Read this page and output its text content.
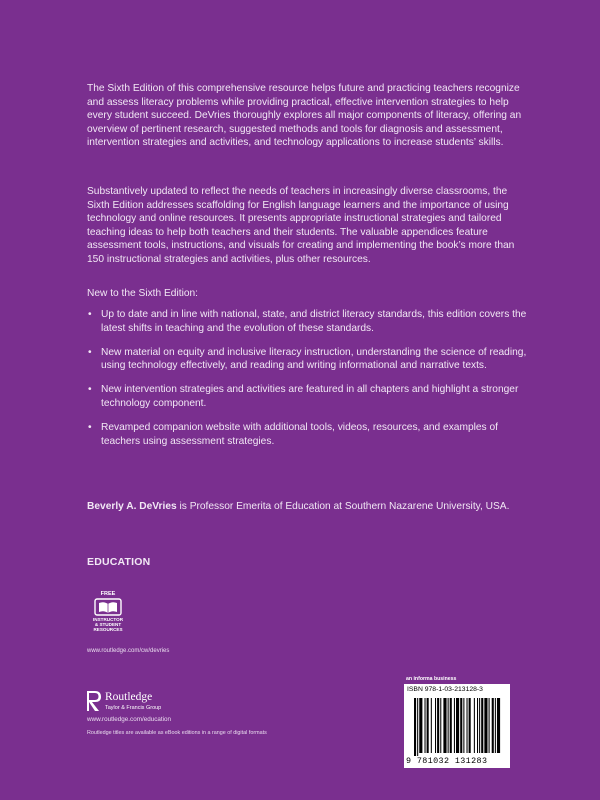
The Sixth Edition of this comprehensive resource helps future and practicing teachers recognize and assess literacy problems while providing practical, effective intervention strategies to help every student succeed. DeVries thoroughly explores all major components of literacy, offering an overview of pertinent research, suggested methods and tools for diagnosis and assessment, intervention strategies and activities, and technology applications to increase students’ skills.

Substantively updated to reflect the needs of teachers in increasingly diverse classrooms, the Sixth Edition addresses scaffolding for English language learners and the importance of using technology and online resources. It presents appropriate instructional strategies and tailored teaching ideas to help both teachers and their students. The valuable appendices feature assessment tools, instructions, and visuals for creating and implementing the book’s more than 150 instructional strategies and activities, plus other resources.

New to the Sixth Edition:

• Up to date and in line with national, state, and district literacy standards, this edition covers the latest shifts in teaching and the evolution of these standards.
• New material on equity and inclusive literacy instruction, understanding the science of reading, using technology effectively, and reading and writing informational and narrative texts.
• New intervention strategies and activities are featured in all chapters and highlight a stronger technology component.
• Revamped companion website with additional tools, videos, resources, and examples of teachers using assessment strategies.

Beverly A. DeVries is Professor Emerita of Education at Southern Nazarene University, USA.

EDUCATION
FREE
INSTRUCTOR
& STUDENT
RESOURCES
www.routledge.com/cw/devries
Routledge
Taylor & Francis Group
www.routledge.com/education
Routledge titles are available as eBook editions in a range of digital formats
an informa business
ISBN 978-1-03-213128-3
9 781032 131283
